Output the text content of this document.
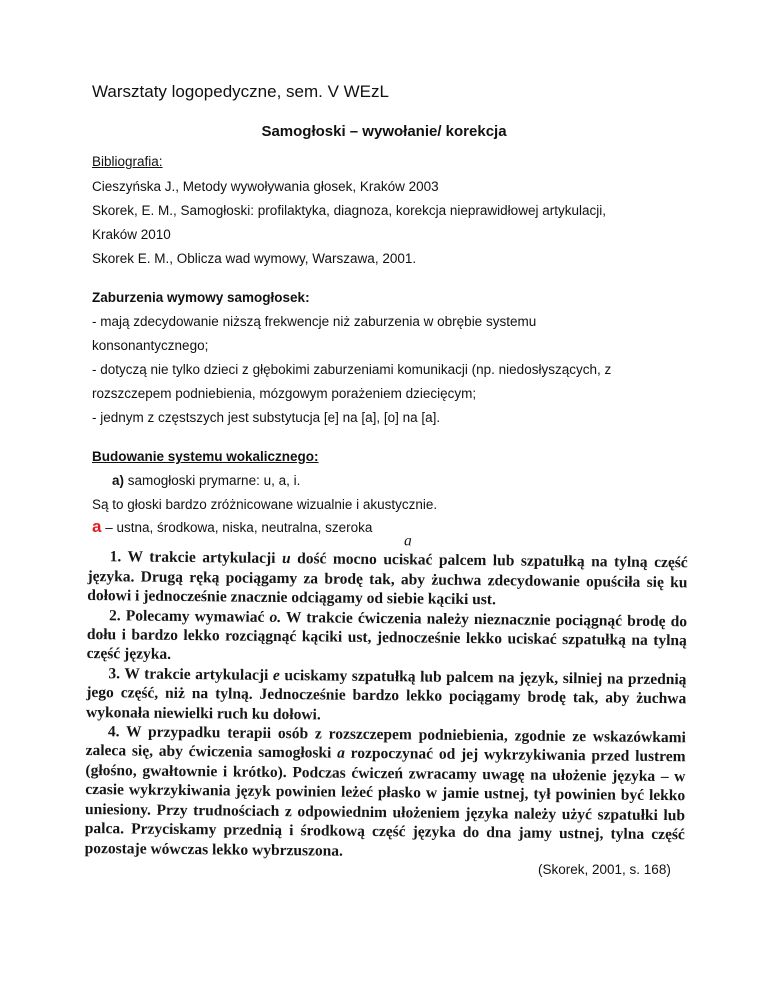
Warsztaty logopedyczne, sem. V WEzL
Samogłoski – wywołanie/ korekcja
Bibliografia:
Cieszyńska J., Metody wywoływania głosek, Kraków 2003
Skorek, E. M., Samogłoski: profilaktyka, diagnoza, korekcja nieprawidłowej artykulacji,
Kraków 2010
Skorek E. M., Oblicza wad wymowy, Warszawa, 2001.
Zaburzenia wymowy samogłosek:
- mają zdecydowanie niższą frekwencje niż zaburzenia w obrębie systemu
konsonantycznego;
- dotyczą nie tylko dzieci z głębokimi zaburzeniami komunikacji (np. niedosłyszących, z
rozszczepem podniebienia, mózgowym porażeniem dziecięcym;
- jednym z częstszych jest substytucja [e] na [a], [o] na [a].
Budowanie systemu wokalicznego:
a) samogłoski prymarne: u, a, i.
Są to głoski bardzo zróżnicowane wizualnie i akustycznie.
a – ustna, środkowa, niska, neutralna, szeroka
a

1. W trakcie artykulacji u dość mocno uciskać palcem lub szpatułką na tylną część języka. Drugą ręką pociągamy za brodę tak, aby żuchwa zdecydowanie opuściła się ku dołowi i jednocześnie znacznie odciągamy od siebie kąciki ust.

2. Polecamy wymawiać o. W trakcie ćwiczenia należy nieznacznie pociągnąć brodę do dołu i bardzo lekko rozciągnąć kąciki ust, jednocześnie lekko uciskać szpatułką na tylną część języka.

3. W trakcie artykulacji e uciskamy szpatułką lub palcem na język, silniej na przednią jego część, niż na tylną. Jednocześnie bardzo lekko pociągamy brodę tak, aby żuchwa wykonała niewielki ruch ku dołowi.

4. W przypadku terapii osób z rozszczepem podniebienia, zgodnie ze wskazówkami zaleca się, aby ćwiczenia samogłoski a rozpoczynać od jej wykrzykiwania przed lustrem (głośno, gwałtownie i krótko). Podczas ćwiczeń zwracamy uwagę na ułożenie języka – w czasie wykrzykiwania język powinien leżeć płasko w jamie ustnej, tył powinien być lekko uniesiony. Przy trudnościach z odpowiednim ułożeniem języka należy użyć szpatułki lub palca. Przyciskamy przednią i środkową część języka do dna jamy ustnej, tylna część pozostaje wówczas lekko wybrzuszona.

(Skorek, 2001, s. 168)
